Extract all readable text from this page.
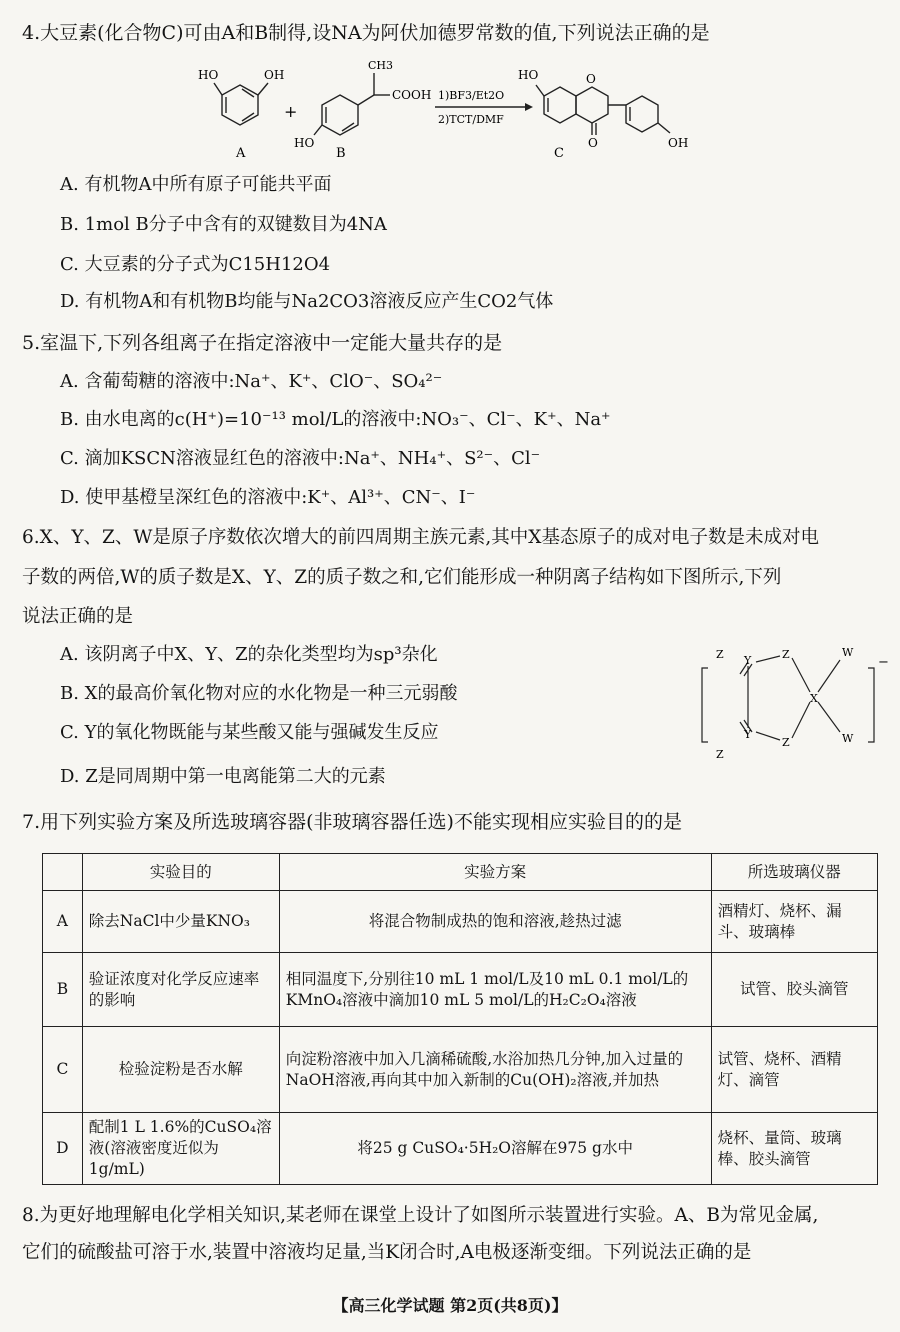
4.大豆素(化合物C)可由A和B制得,设NA为阿伏加德罗常数的值,下列说法正确的是
HO	OH
A
+
CH3
COOH
HO
B
1)BF3/Et2O
2)TCT/DMF
HO	O
O	OH
C
A. 有机物A中所有原子可能共平面
B. 1mol B分子中含有的双键数目为4NA
C. 大豆素的分子式为C15H12O4
D. 有机物A和有机物B均能与Na2CO3溶液反应产生CO2气体
5.室温下,下列各组离子在指定溶液中一定能大量共存的是
A. 含葡萄糖的溶液中:Na⁺、K⁺、ClO⁻、SO₄²⁻
B. 由水电离的c(H⁺)=10⁻¹³ mol/L的溶液中:NO₃⁻、Cl⁻、K⁺、Na⁺
C. 滴加KSCN溶液显红色的溶液中:Na⁺、NH₄⁺、S²⁻、Cl⁻
D. 使甲基橙呈深红色的溶液中:K⁺、Al³⁺、CN⁻、I⁻
6.X、Y、Z、W是原子序数依次增大的前四周期主族元素,其中X基态原子的成对电子数是未成对电
子数的两倍,W的质子数是X、Y、Z的质子数之和,它们能形成一种阴离子结构如下图所示,下列
说法正确的是
A. 该阴离子中X、Y、Z的杂化类型均为sp³杂化
B. X的最高价氧化物对应的水化物是一种三元弱酸
C. Y的氧化物既能与某些酸又能与强碱发生反应
D. Z是同周期中第一电离能第二大的元素
Z Y	Z	W
X
Y
Z	W
Z
−
7.用下列实验方案及所选玻璃容器(非玻璃容器任选)不能实现相应实验目的的是
	实验目的	实验方案	所选玻璃仪器
A	除去NaCl中少量KNO₃	将混合物制成热的饱和溶液,趁热过滤	酒精灯、烧杯、漏斗、玻璃棒
B	验证浓度对化学反应速率的影响	相同温度下,分别往10 mL 1 mol/L及10 mL 0.1 mol/L的KMnO₄溶液中滴加10 mL 5 mol/L的H₂C₂O₄溶液	试管、胶头滴管
C	检验淀粉是否水解	向淀粉溶液中加入几滴稀硫酸,水浴加热几分钟,加入过量的NaOH溶液,再向其中加入新制的Cu(OH)₂溶液,并加热	试管、烧杯、酒精灯、滴管
D	配制1 L 1.6%的CuSO₄溶液(溶液密度近似为1g/mL)	将25 g CuSO₄·5H₂O溶解在975 g水中	烧杯、量筒、玻璃棒、胶头滴管
8.为更好地理解电化学相关知识,某老师在课堂上设计了如图所示装置进行实验。A、B为常见金属,
它们的硫酸盐可溶于水,装置中溶液均足量,当K闭合时,A电极逐渐变细。下列说法正确的是
【高三化学试题 第2页(共8页)】
